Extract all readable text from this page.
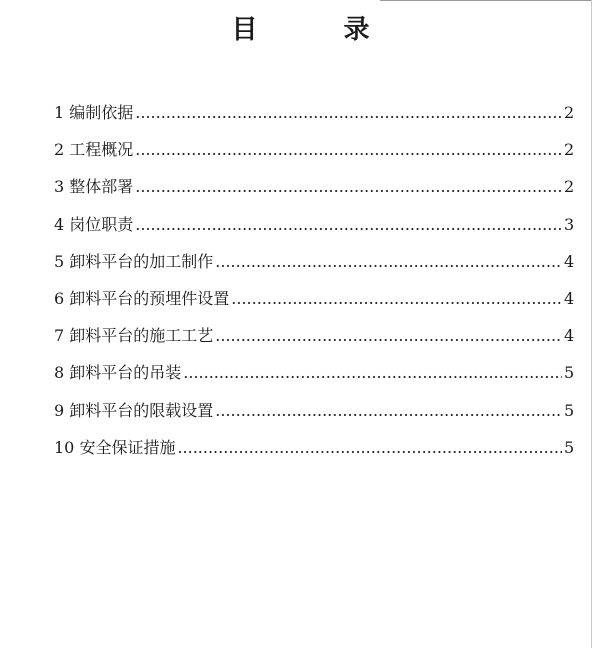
目	录
1 编制依据 .....	2
2 工程概况 .....	2
3 整体部署 .....	2
4 岗位职责 .....	3
5 卸料平台的加工制作 .....	4
6 卸料平台的预埋件设置 .....	4
7 卸料平台的施工工艺 .....	4
8 卸料平台的吊装 .....	5
9 卸料平台的限载设置 .....	5
10 安全保证措施 .....	5
